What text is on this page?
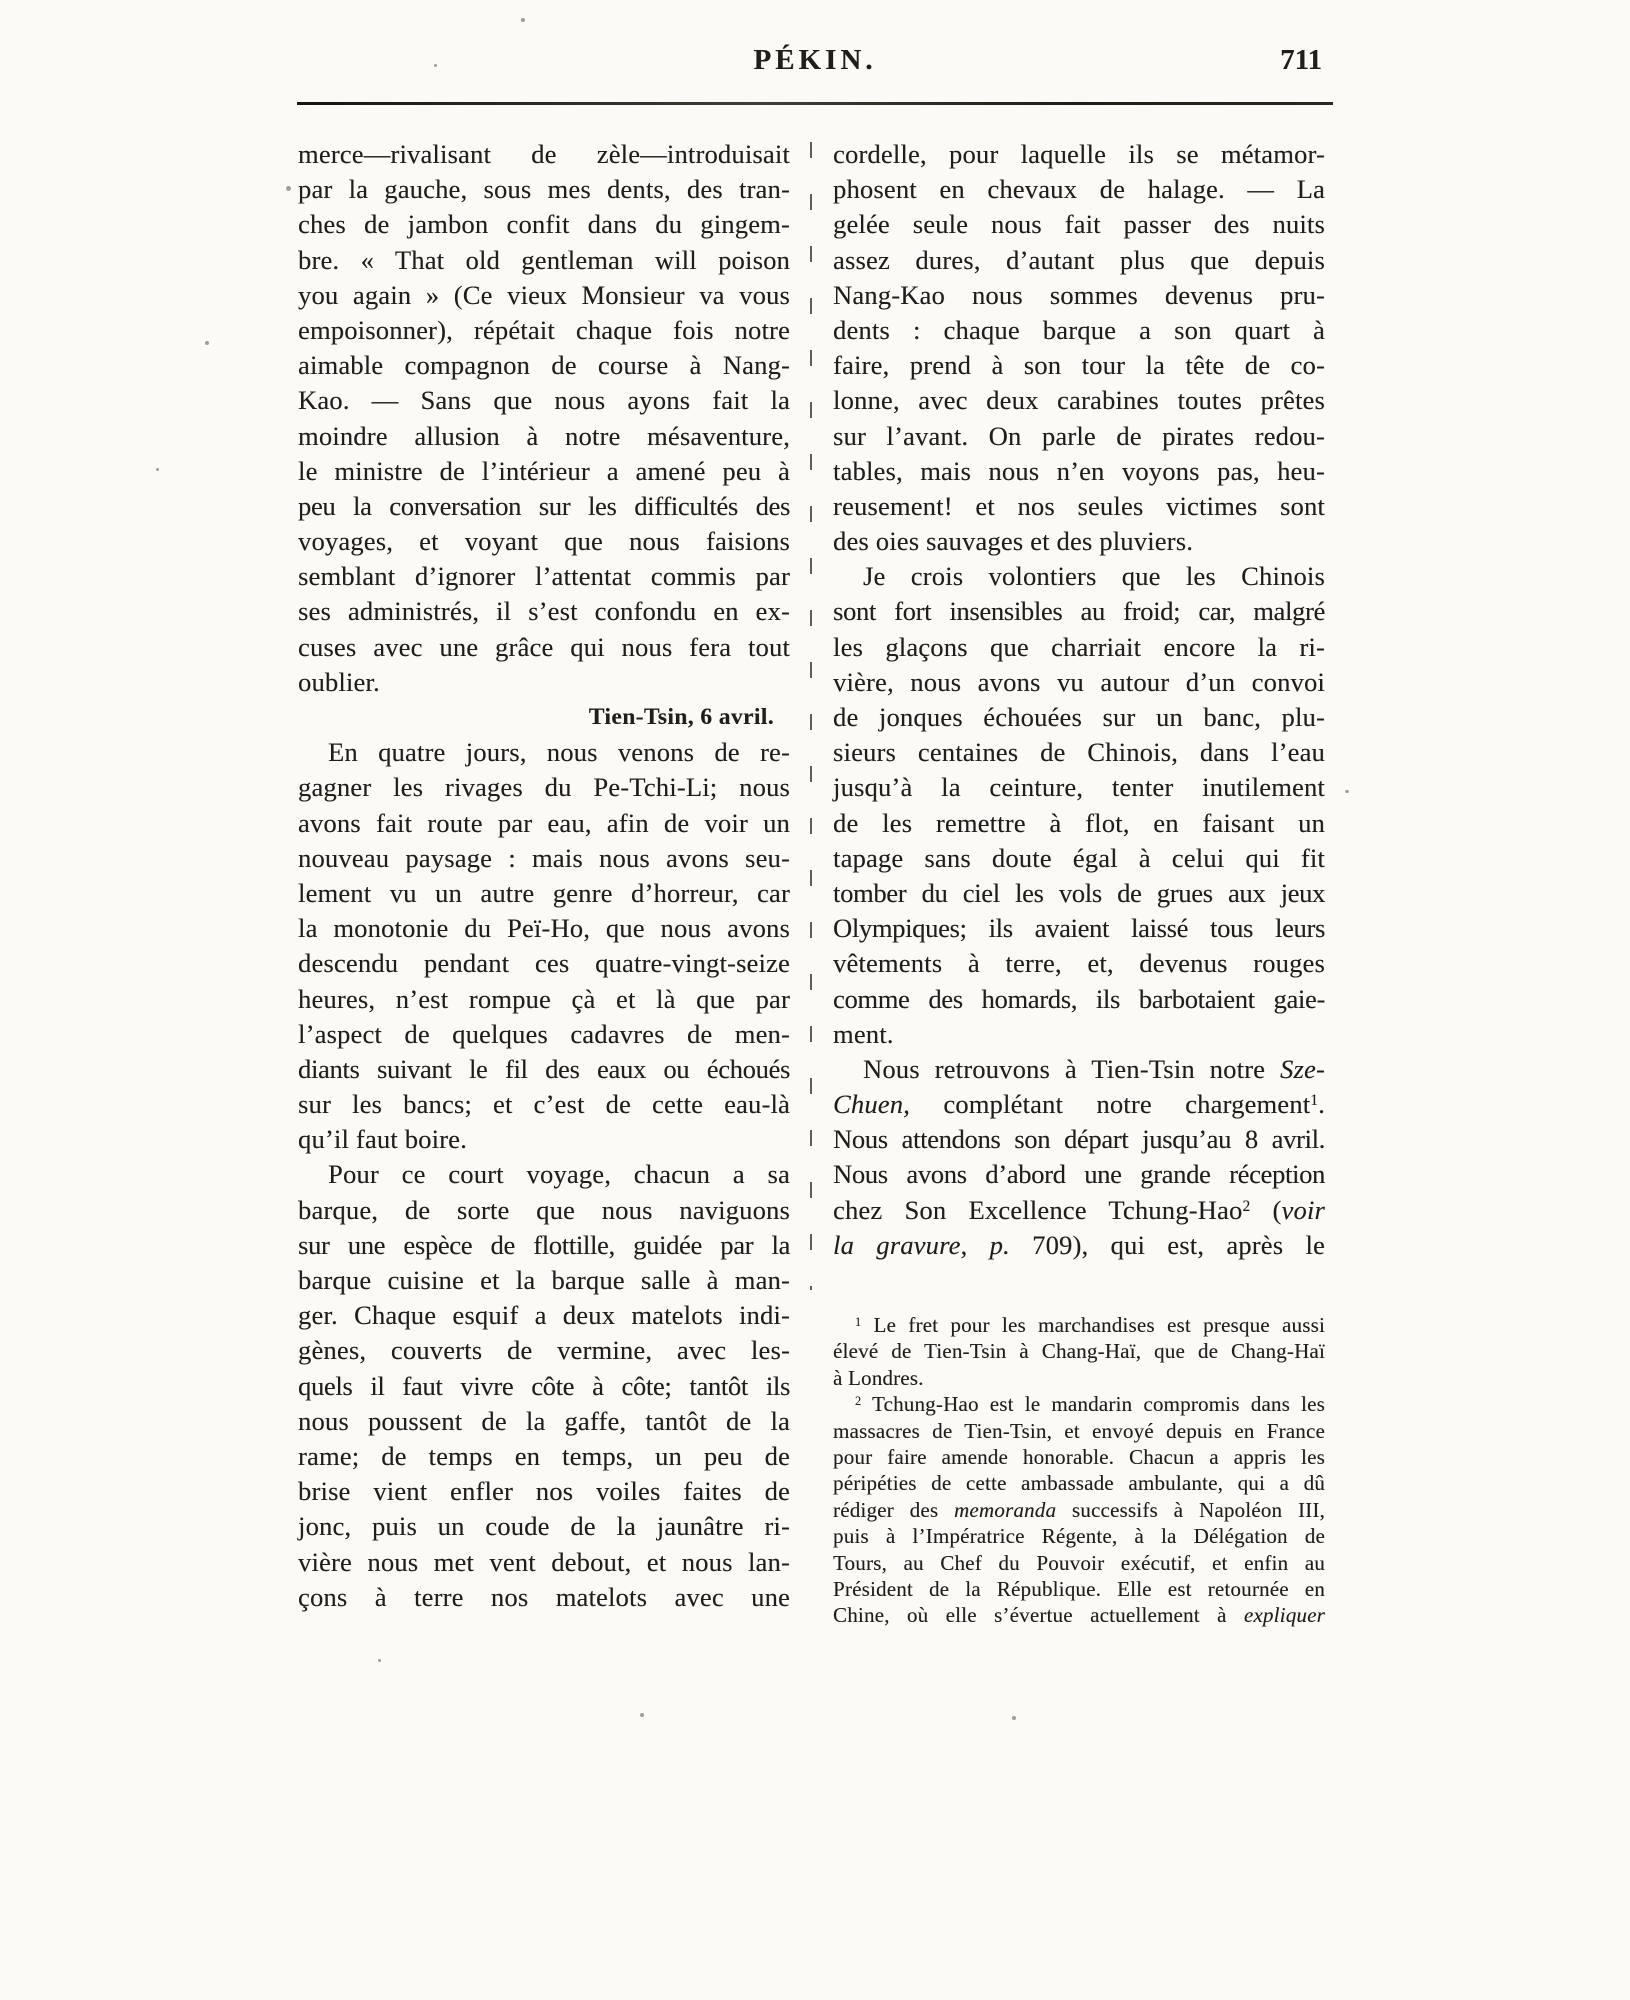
PÉKIN.	711
merce—rivalisant de zèle—introduisait
par la gauche, sous mes dents, des tran-
ches de jambon confit dans du gingem-
bre. « That old gentleman will poison
you again » (Ce vieux Monsieur va vous
empoisonner), répétait chaque fois notre
aimable compagnon de course à Nang-
Kao. — Sans que nous ayons fait la
moindre allusion à notre mésaventure,
le ministre de l’intérieur a amené peu à
peu la conversation sur les difficultés des
voyages, et voyant que nous faisions
semblant d’ignorer l’attentat commis par
ses administrés, il s’est confondu en ex-
cuses avec une grâce qui nous fera tout
oublier.
Tien-Tsin, 6 avril.
En quatre jours, nous venons de re-
gagner les rivages du Pe-Tchi-Li; nous
avons fait route par eau, afin de voir un
nouveau paysage : mais nous avons seu-
lement vu un autre genre d’horreur, car
la monotonie du Peï-Ho, que nous avons
descendu pendant ces quatre-vingt-seize
heures, n’est rompue çà et là que par
l’aspect de quelques cadavres de men-
diants suivant le fil des eaux ou échoués
sur les bancs; et c’est de cette eau-là
qu’il faut boire.
Pour ce court voyage, chacun a sa
barque, de sorte que nous naviguons
sur une espèce de flottille, guidée par la
barque cuisine et la barque salle à man-
ger. Chaque esquif a deux matelots indi-
gènes, couverts de vermine, avec les-
quels il faut vivre côte à côte; tantôt ils
nous poussent de la gaffe, tantôt de la
rame; de temps en temps, un peu de
brise vient enfler nos voiles faites de
jonc, puis un coude de la jaunâtre ri-
vière nous met vent debout, et nous lan-
çons à terre nos matelots avec une
cordelle, pour laquelle ils se métamor-
phosent en chevaux de halage. — La
gelée seule nous fait passer des nuits
assez dures, d’autant plus que depuis
Nang-Kao nous sommes devenus pru-
dents : chaque barque a son quart à
faire, prend à son tour la tête de co-
lonne, avec deux carabines toutes prêtes
sur l’avant. On parle de pirates redou-
tables, mais nous n’en voyons pas, heu-
reusement! et nos seules victimes sont
des oies sauvages et des pluviers.
Je crois volontiers que les Chinois
sont fort insensibles au froid; car, malgré
les glaçons que charriait encore la ri-
vière, nous avons vu autour d’un convoi
de jonques échouées sur un banc, plu-
sieurs centaines de Chinois, dans l’eau
jusqu’à la ceinture, tenter inutilement
de les remettre à flot, en faisant un
tapage sans doute égal à celui qui fit
tomber du ciel les vols de grues aux jeux
Olympiques; ils avaient laissé tous leurs
vêtements à terre, et, devenus rouges
comme des homards, ils barbotaient gaie-
ment.
Nous retrouvons à Tien-Tsin notre Sze-
Chuen, complétant notre chargement$^1$.
Nous attendons son départ jusqu’au 8 avril.
Nous avons d’abord une grande réception
chez Son Excellence Tchung-Hao$^2$ (voir
la gravure, p. 709), qui est, après le
$^1$ Le fret pour les marchandises est presque aussi
élevé de Tien-Tsin à Chang-Haï, que de Chang-Haï
à Londres.
$^2$ Tchung-Hao est le mandarin compromis dans les
massacres de Tien-Tsin, et envoyé depuis en France
pour faire amende honorable. Chacun a appris les
péripéties de cette ambassade ambulante, qui a dû
rédiger des memoranda successifs à Napoléon III,
puis à l’Impératrice Régente, à la Délégation de
Tours, au Chef du Pouvoir exécutif, et enfin au
Président de la République. Elle est retournée en
Chine, où elle s’évertue actuellement à expliquer
